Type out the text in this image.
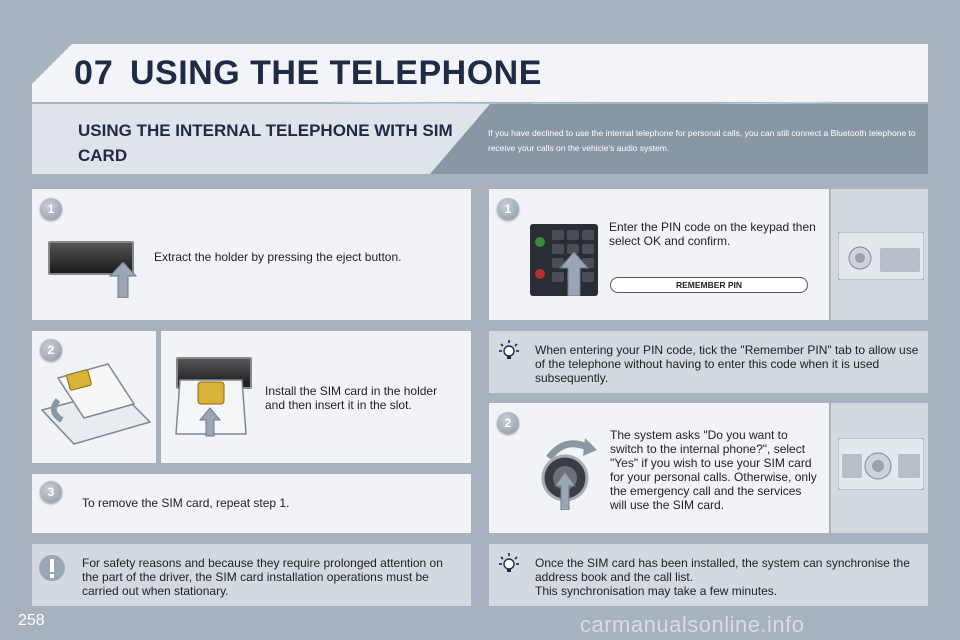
07 USING THE TELEPHONE
USING THE INTERNAL TELEPHONE WITH SIM CARD
If you have declined to use the internal telephone for personal calls, you can still connect a Bluetooth telephone to receive your calls on the vehicle's audio system.
1
Extract the holder by pressing the eject button.
2
Install the SIM card in the holder and then insert it in the slot.
3
To remove the SIM card, repeat step 1.
For safety reasons and because they require prolonged attention on the part of the driver, the SIM card installation operations must be carried out when stationary.
1
Enter the PIN code on the keypad then select OK and confirm.
REMEMBER PIN
When entering your PIN code, tick the "Remember PIN" tab to allow use of the telephone without having to enter this code when it is used subsequently.
2
The system asks "Do you want to switch to the internal phone?", select "Yes" if you wish to use your SIM card for your personal calls. Otherwise, only the emergency call and the services will use the SIM card.
Once the SIM card has been installed, the system can synchronise the address book and the call list.
This synchronisation may take a few minutes.
258	carmanualsonline.info
